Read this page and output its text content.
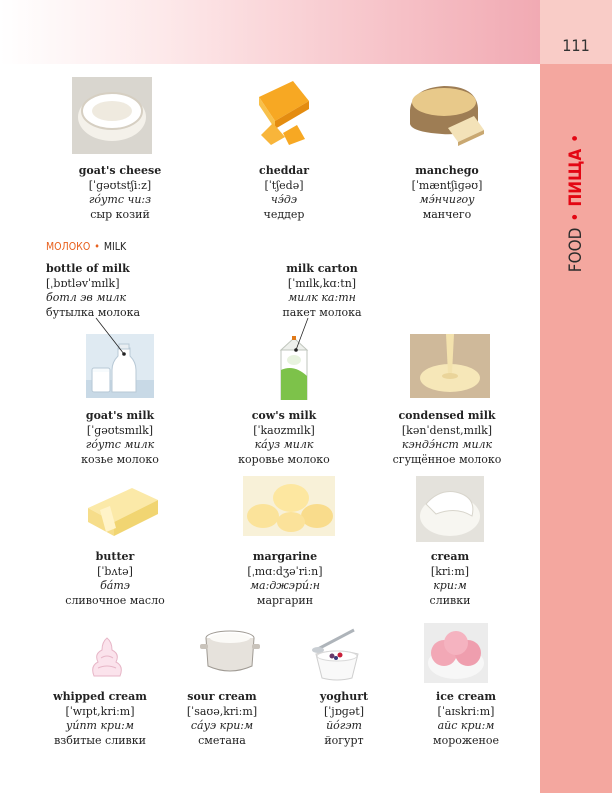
111
FOOD•ПИЩА•
goat's cheese
[ˈɡəʊtstʃiːz]
гóутс чи:з
сыр козий
cheddar
[ˈtʃedə]
чэ́дэ
чеддер
manchego
[ˈmæntʃiɡəʊ]
мэ́нчигоу
манчего
МОЛОКО • MILK
bottle of milk
[ˌbɒtləvˈmɪlk]
ботл эв милк
бутылка молока
milk carton
[ˈmɪlk,kɑːtn]
милк ка:тн
пакет молока
goat's milk
[ˈɡəʊtsmɪlk]
гóутс милк
козье молоко
cow's milk
[ˈkaʊzmɪlk]
кáуз милк
коровье молоко
condensed milk
[kənˈdenst,mɪlk]
кэндэ́нст милк
сгущённое молоко
butter
[ˈbʌtə]
бáтэ
сливочное масло
margarine
[ˌmɑːdʒəˈriːn]
ма:джэрú:н
маргарин
cream
[kriːm]
кри:м
сливки
whipped cream
[ˈwɪpt,kriːm]
уúпт кри:м
взбитые сливки
sour cream
[ˈsaʊə,kriːm]
сáуэ кри:м
сметана
yoghurt
[ˈjɒɡət]
йóгэт
йогурт
ice cream
[ˈaɪskriːm]
айс кри:м
мороженое
